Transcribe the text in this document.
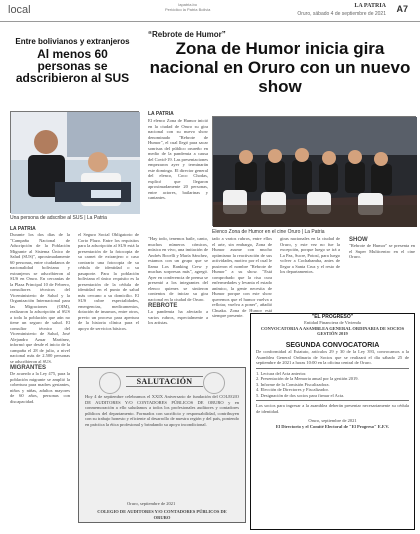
local	lapatria.bo
Periódico la Patria Bolivia
LA PATRIA
Oruro, sábado 4 de septiembre de 2021 A7
Entre bolivianos y extranjeros
Al menos 60 personas se adscribieron al SUS
Una persona de adscribe al SUS | La Patria
LA PATRIA
Durante los dos días de la "Campaña Nacional de Adscripción de la Población Migrante al Sistema Único de Salud (SUS)", aproximadamente 60 personas, entre ciudadanos de nacionalidad boliviana y extranjeros se adscribieron al SUS en Oruro. En cercanías de la Plaza Principal 10 de Febrero, consultores técnicos del Viceministerio de Salud y la Organización Internacional para las Migraciones (OIM), realizaron la adscripción al SUS a toda la población que aún no tiene un seguro de salud. El consultor técnico del Viceministerio de Salud, José Alejandro Azuar Martínez, informó que desde el inicio de la campaña el 28 de julio, a nivel nacional más de 2.500 personas se adscribieron al SUS.
MIGRANTES
De acuerdo a la Ley 475, para la población migrante se amplió la cobertura para madres gestantes, niños y niñas, adultos mayores de 60 años, personas con discapacidad.
el Seguro Social Obligatorio de Corto Plazo. Entre los requisitos para la adscripción al SUS está la presentación de la fotocopia de su carnet de extranjero o caso contrario una fotocopia de su cédula de identidad o su pasaporte. Para la población boliviana el único requisito es la presentación de la cédula de identidad en el punto de salud más cercano a su domicilio. El SUS cubre especialidades, emergencias, medicamentos, dotación de insumos, entre otros, previo un proceso para apertura de la historia clínica para el apoyo de servicios básicos.
“Rebrote de Humor”
Zona de Humor inicia gira nacional en Oruro con un nuevo show
LA PATRIA
El elenco Zona de Humor inició en la ciudad de Oruro su gira nacional con su nuevo show denominado "Rebrote de Humor", el cual llegó para sacar sonrisas del público orureño en medio de la pandemia a causa del Covid-19. Las presentaciones empezaron ayer y terminarán este domingo. El director general del elenco, Coco Chodas, explicó que llegaron aproximadamente 20 personas, entre actores, bailarinas y cantantes.
Elenco Zona de Humor en el cine Oruro | La Patria
"Hay todo, tenemos baile, canto, muchos números cómicos, música en vivo, una imitación de Andrés Bocelli y María Sánchez, estamos con un grupo que se llama Los Ranking Crew y muchas sorpresas más", agregó. Ayer en conferencia de prensa se presentó a los integrantes del elenco quienes se sintieron contentos de iniciar su gira nacional en la ciudad de Oruro.
REBROTE
La pandemia ha afectado a varios rubros, especialmente a los artistas.
tado a varios rubros, entre ellos el arte, sin embargo, Zona de Humor asume con mucho optimismo la reactivación de sus actividades, motivo por el cual le pusieron el nombre "Rebrote de Humor" a su show. "Está comprobado que la risa cura enfermedades y levanta el estado anímico, la gente necesita de Humor porque con este show queremos que el humor vuelva a reflotar, vuelva a poner", añadió Chuaka. Zona de Humor está siempre presente.
giras nacionales en la ciudad de Oruro, y este vez no fue la excepción, porque luego se irá a La Paz, Sucre, Potosí, para luego volver a Cochabamba, antes de llegar a Santa Cruz y el resto de los departamentos.
SHOW
"Rebrote de Humor" se presenta en el Super Multicentro en el cine Oruro.
SALUTACIÓN
Hoy 4 de septiembre celebramos el XXIX Aniversario de fundación del COLEGIO DE AUDITORES Y/O CONTADORES PÚBLICOS DE ORURO y en conmemoración a ello saludamos a todos los profesionales auditores y contadores públicos del departamento. Formados con sacrificio y responsabilidad, contribuyen con su trabajo honesto y eficiente al desarrollo de nuestra región y del país, poniendo en práctica la ética profesional y brindando su apoyo incondicional.
Oruro, septiembre de 2021
COLEGIO DE AUDITORES Y/O CONTADORES PÚBLICOS DE ORURO
"EL PROGRESO"
Entidad Financiera de Vivienda
CONVOCATORIA A ASAMBLEA GENERAL ORDINARIA DE SOCIOS GESTIÓN 2019
SEGUNDA CONVOCATORIA
De conformidad al Estatuto, artículos 29 y 30 de la Ley 393, convocamos a la Asamblea General Ordinaria de Socios que se realizará el día sábado 25 de septiembre de 2021 a horas 10:00 en la oficina central de Oruro.
1. Lectura del Acta anterior.
2. Presentación de la Memoria anual por la gestión 2019.
3. Informe de la Comisión Fiscalizadora.
4. Elección de Directores y Fiscalizador.
5. Designación de dos socios para firmar el Acta.
Los socios para ingresar a la asamblea deberán presentar necesariamente su cédula de identidad.
Oruro, septiembre de 2021
El Directorio y el Comité Electoral de "El Progreso" E.F.V.
